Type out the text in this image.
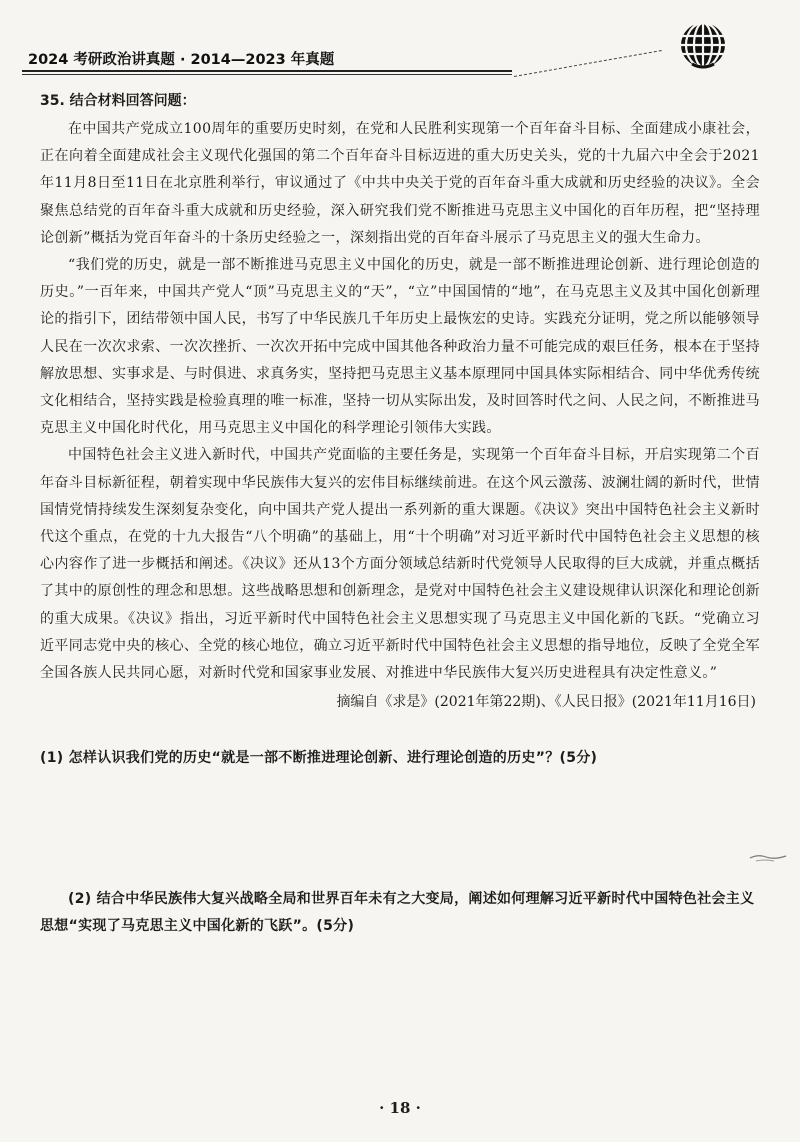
2024 考研政治讲真题 · 2014—2023 年真题

35. 结合材料回答问题：

在中国共产党成立100周年的重要历史时刻，在党和人民胜利实现第一个百年奋斗目标、全面建成小康社会，正在向着全面建成社会主义现代化强国的第二个百年奋斗目标迈进的重大历史关头，党的十九届六中全会于2021年11月8日至11日在北京胜利举行，审议通过了《中共中央关于党的百年奋斗重大成就和历史经验的决议》。全会聚焦总结党的百年奋斗重大成就和历史经验，深入研究我们党不断推进马克思主义中国化的百年历程，把“坚持理论创新”概括为党百年奋斗的十条历史经验之一，深刻指出党的百年奋斗展示了马克思主义的强大生命力。

“我们党的历史，就是一部不断推进马克思主义中国化的历史，就是一部不断推进理论创新、进行理论创造的历史。”一百年来，中国共产党人“顶”马克思主义的“天”，“立”中国国情的“地”，在马克思主义及其中国化创新理论的指引下，团结带领中国人民，书写了中华民族几千年历史上最恢宏的史诗。实践充分证明，党之所以能够领导人民在一次次求索、一次次挫折、一次次开拓中完成中国其他各种政治力量不可能完成的艰巨任务，根本在于坚持解放思想、实事求是、与时俱进、求真务实，坚持把马克思主义基本原理同中国具体实际相结合、同中华优秀传统文化相结合，坚持实践是检验真理的唯一标准，坚持一切从实际出发，及时回答时代之问、人民之问，不断推进马克思主义中国化时代化，用马克思主义中国化的科学理论引领伟大实践。

中国特色社会主义进入新时代，中国共产党面临的主要任务是，实现第一个百年奋斗目标，开启实现第二个百年奋斗目标新征程，朝着实现中华民族伟大复兴的宏伟目标继续前进。在这个风云激荡、波澜壮阔的新时代，世情国情党情持续发生深刻复杂变化，向中国共产党人提出一系列新的重大课题。《决议》突出中国特色社会主义新时代这个重点，在党的十九大报告“八个明确”的基础上，用“十个明确”对习近平新时代中国特色社会主义思想的核心内容作了进一步概括和阐述。《决议》还从13个方面分领域总结新时代党领导人民取得的巨大成就，并重点概括了其中的原创性的理念和思想。这些战略思想和创新理念，是党对中国特色社会主义建设规律认识深化和理论创新的重大成果。《决议》指出，习近平新时代中国特色社会主义思想实现了马克思主义中国化新的飞跃。“党确立习近平同志党中央的核心、全党的核心地位，确立习近平新时代中国特色社会主义思想的指导地位，反映了全党全军全国各族人民共同心愿，对新时代党和国家事业发展、对推进中华民族伟大复兴历史进程具有决定性意义。”

摘编自《求是》(2021年第22期)、《人民日报》(2021年11月16日)

(1) 怎样认识我们党的历史“就是一部不断推进理论创新、进行理论创造的历史”？(5分)

(2) 结合中华民族伟大复兴战略全局和世界百年未有之大变局，阐述如何理解习近平新时代中国特色社会主义思想“实现了马克思主义中国化新的飞跃”。(5分)

· 18 ·
